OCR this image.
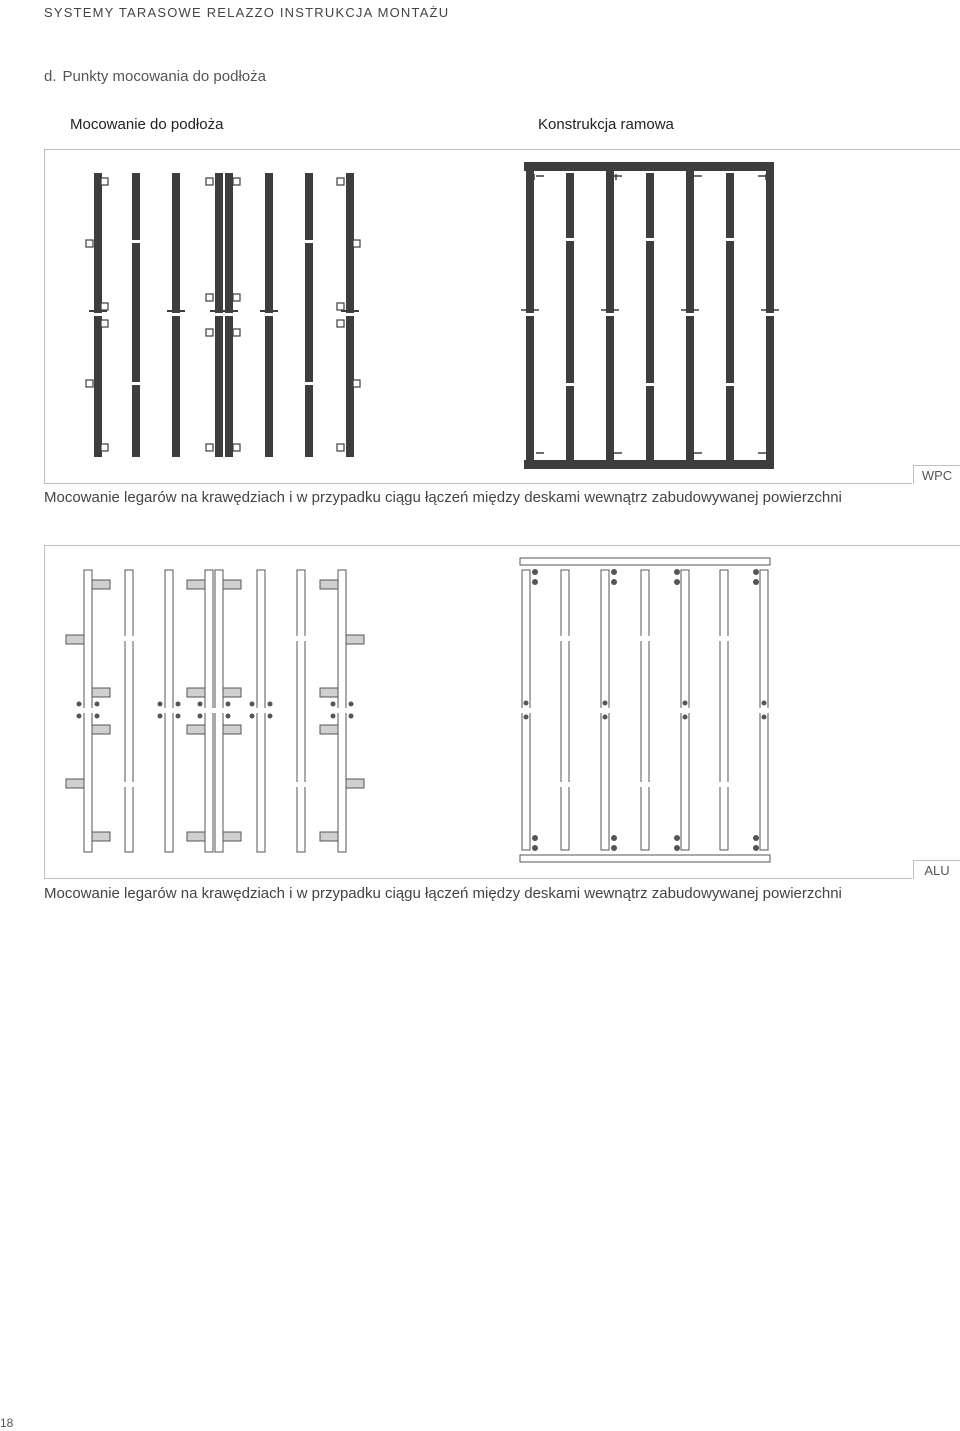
SYSTEMY TARASOWE RELAZZO INSTRUKCJA MONTAŻU
d. Punkty mocowania do podłoża
Mocowanie do podłoża	Konstrukcja ramowa
WPC
Mocowanie legarów na krawędziach i w przypadku ciągu łączeń między deskami wewnątrz zabudowywanej powierzchni
ALU
Mocowanie legarów na krawędziach i w przypadku ciągu łączeń między deskami wewnątrz zabudowywanej powierzchni
18
